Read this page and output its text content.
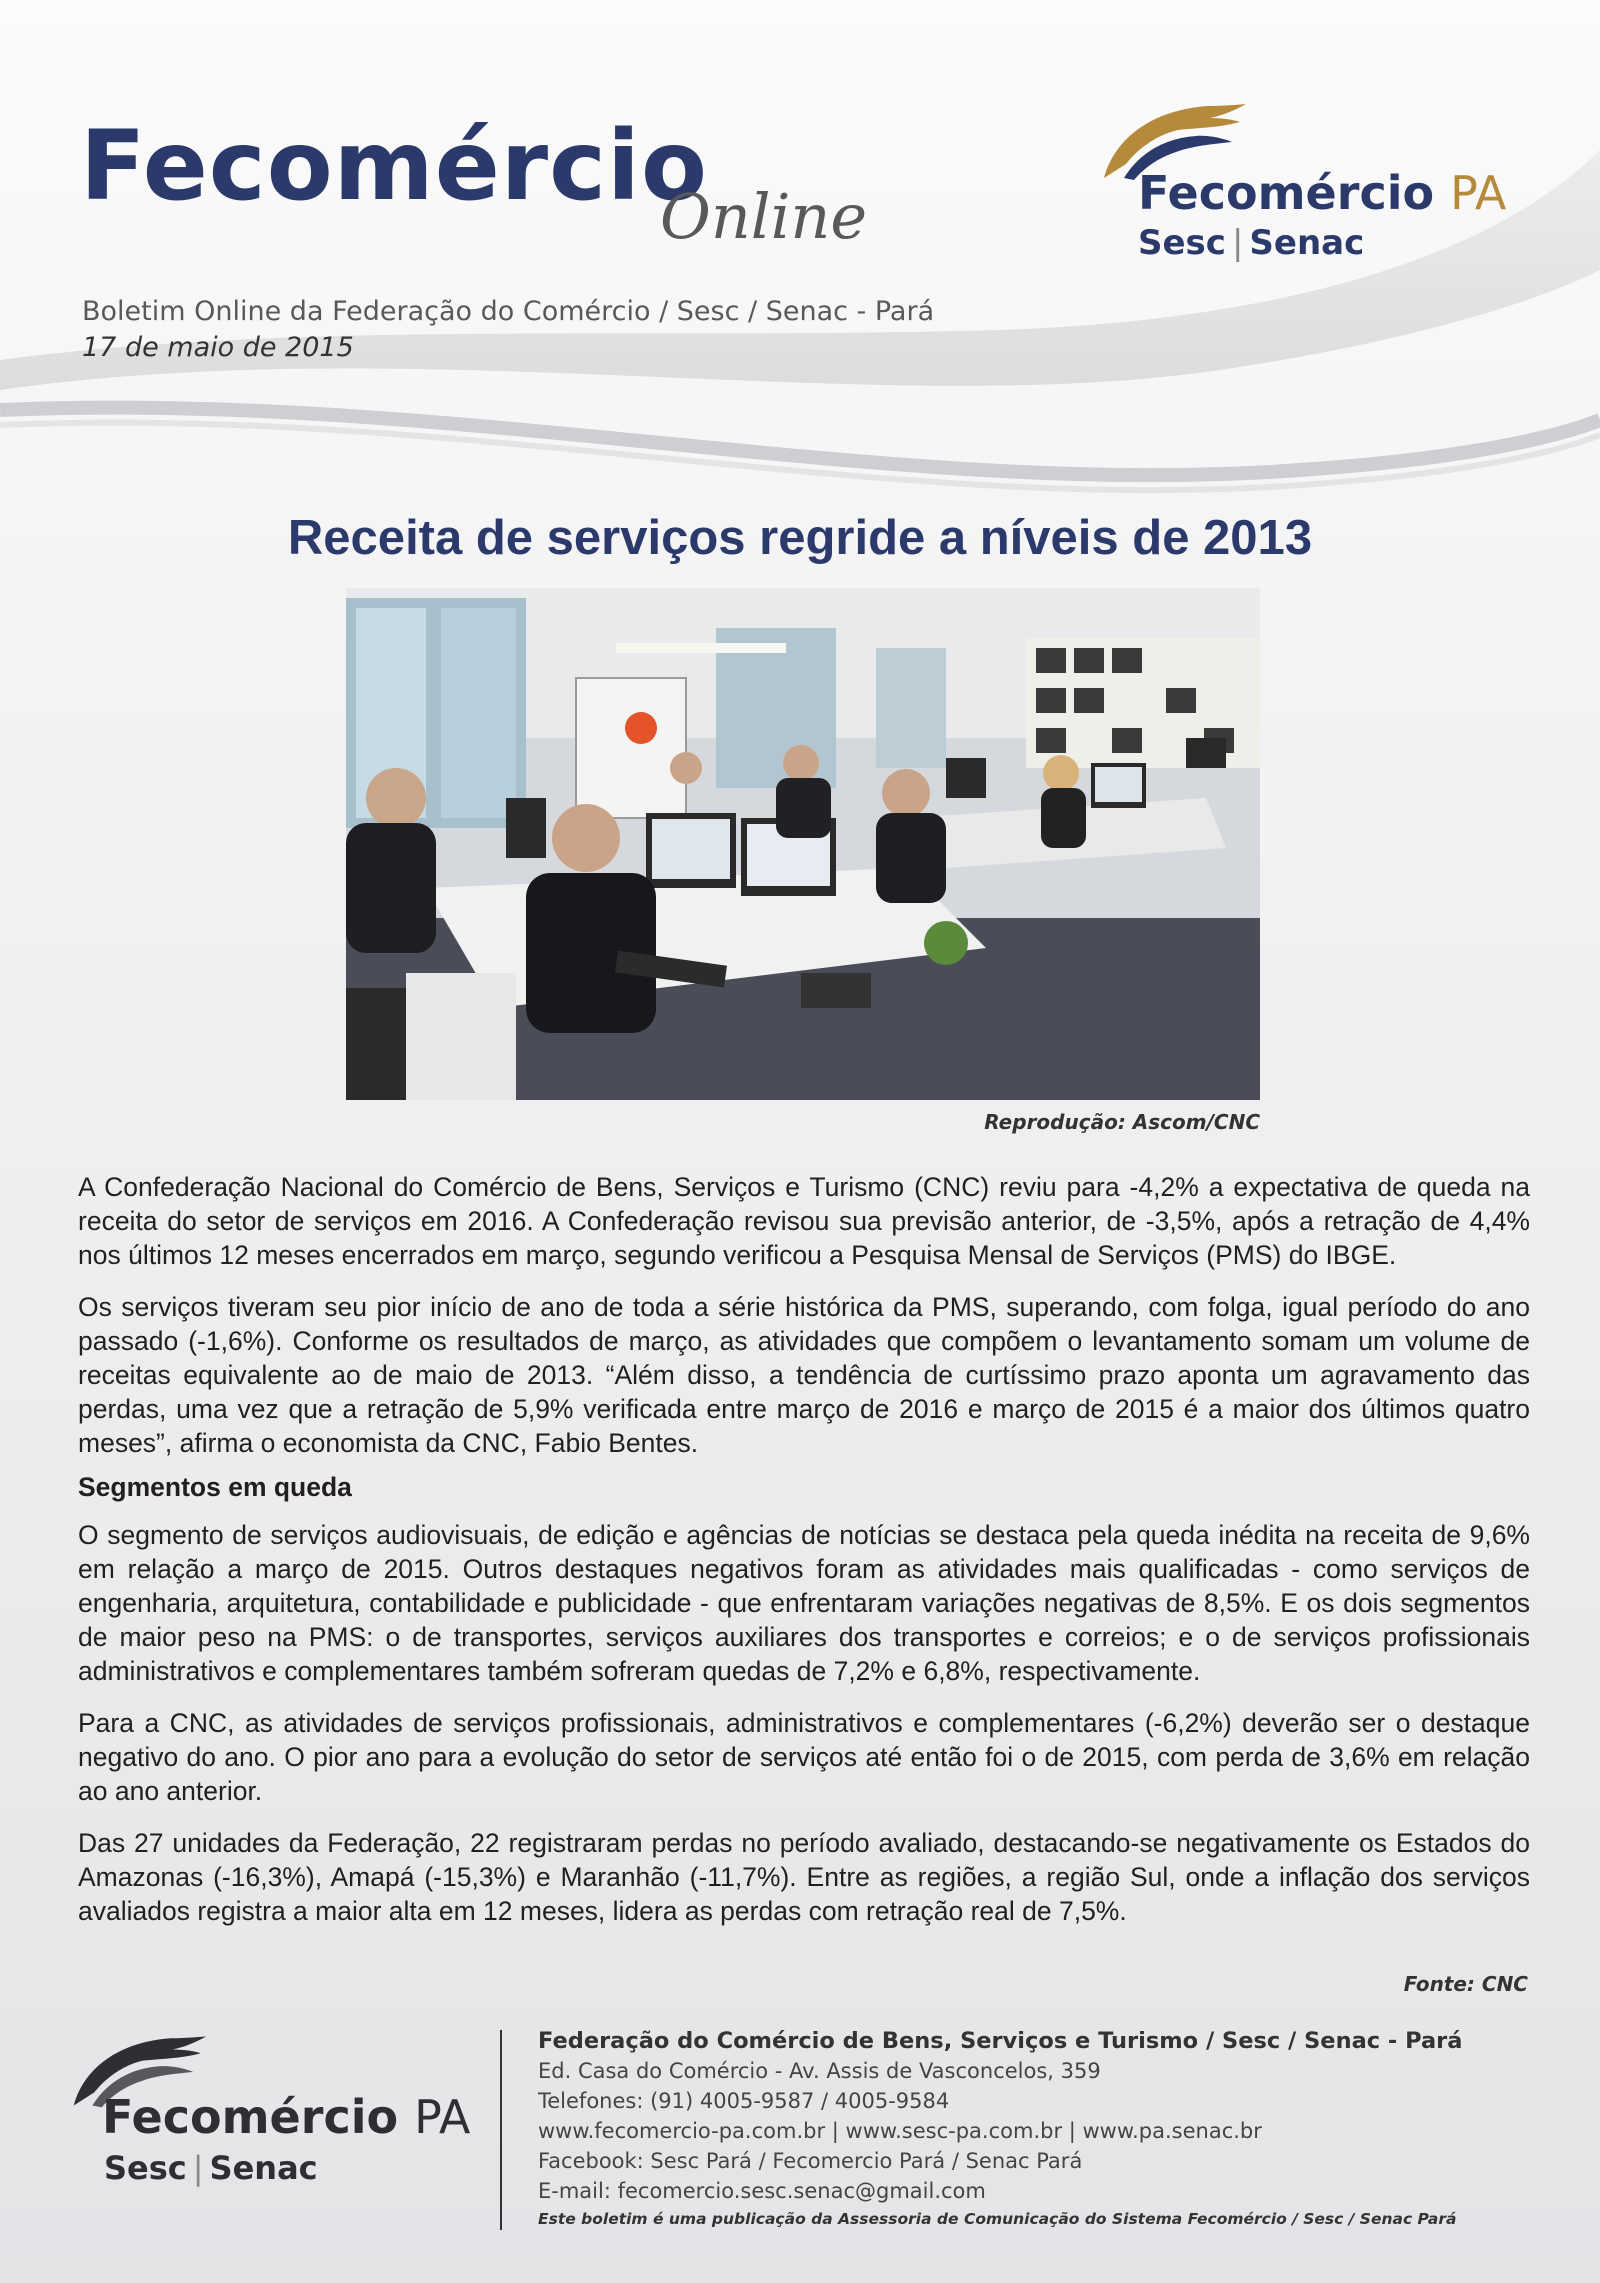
Fecomércio
Online
Boletim Online da Federação do Comércio / Sesc / Senac - Pará
17 de maio de 2015
Fecomércio PA
Sesc | Senac
Receita de serviços regride a níveis de 2013
Reprodução: Ascom/CNC

A Confederação Nacional do Comércio de Bens, Serviços e Turismo (CNC) reviu para -4,2% a expectativa de queda na receita do setor de serviços em 2016. A Confederação revisou sua previsão anterior, de -3,5%, após a retração de 4,4% nos últimos 12 meses encerrados em março, segundo verificou a Pesquisa Mensal de Serviços (PMS) do IBGE.

Os serviços tiveram seu pior início de ano de toda a série histórica da PMS, superando, com folga, igual período do ano passado (-1,6%). Conforme os resultados de março, as atividades que compõem o levantamento somam um volume de receitas equivalente ao de maio de 2013. “Além disso, a tendência de curtíssimo prazo aponta um agravamento das perdas, uma vez que a retração de 5,9% verificada entre março de 2016 e março de 2015 é a maior dos últimos quatro meses”, afirma o economista da CNC, Fabio Bentes.

Segmentos em queda

O segmento de serviços audiovisuais, de edição e agências de notícias se destaca pela queda inédita na receita de 9,6% em relação a março de 2015. Outros destaques negativos foram as atividades mais qualificadas - como serviços de engenharia, arquitetura, contabilidade e publicidade - que enfrentaram variações negativas de 8,5%. E os dois segmentos de maior peso na PMS: o de transportes, serviços auxiliares dos transportes e correios; e o de serviços profissionais administrativos e complementares também sofreram quedas de 7,2% e 6,8%, respectivamente.

Para a CNC, as atividades de serviços profissionais, administrativos e complementares (-6,2%) deverão ser o destaque negativo do ano. O pior ano para a evolução do setor de serviços até então foi o de 2015, com perda de 3,6% em relação ao ano anterior.

Das 27 unidades da Federação, 22 registraram perdas no período avaliado, destacando-se negativamente os Estados do Amazonas (-16,3%), Amapá (-15,3%) e Maranhão (-11,7%). Entre as regiões, a região Sul, onde a inflação dos serviços avaliados registra a maior alta em 12 meses, lidera as perdas com retração real de 7,5%.

Fonte: CNC
Fecomércio PA
Sesc | Senac
Federação do Comércio de Bens, Serviços e Turismo / Sesc / Senac - Pará
Ed. Casa do Comércio - Av. Assis de Vasconcelos, 359
Telefones: (91) 4005-9587 / 4005-9584
www.fecomercio-pa.com.br | www.sesc-pa.com.br | www.pa.senac.br
Facebook: Sesc Pará / Fecomercio Pará / Senac Pará
E-mail: fecomercio.sesc.senac@gmail.com
Este boletim é uma publicação da Assessoria de Comunicação do Sistema Fecomércio / Sesc / Senac Pará
